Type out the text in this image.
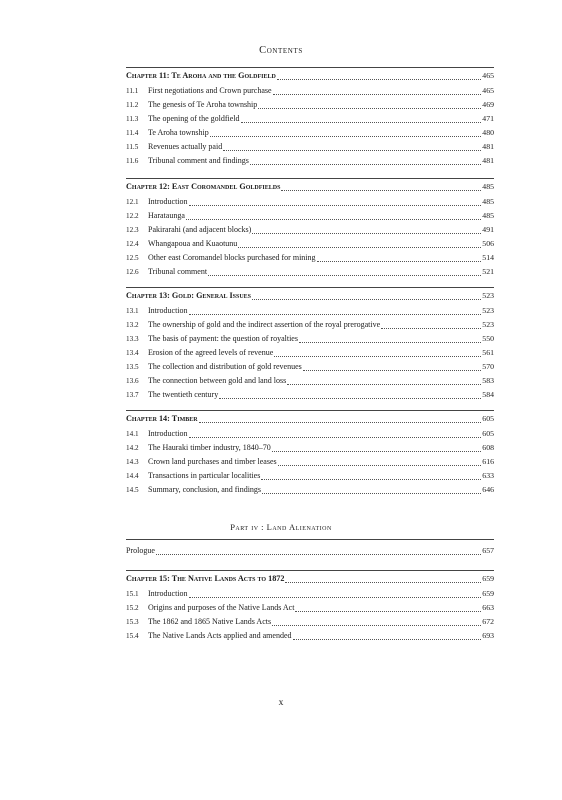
Contents
Chapter 11: Te Aroha and the Goldfield	465
11.1	First negotiations and Crown purchase	465
11.2	The genesis of Te Aroha township	469
11.3	The opening of the goldfield	471
11.4	Te Aroha township	480
11.5	Revenues actually paid	481
11.6	Tribunal comment and findings	481
Chapter 12: East Coromandel Goldfields	485
12.1	Introduction	485
12.2	Harataunga	485
12.3	Pakirarahi (and adjacent blocks)	491
12.4	Whangapoua and Kuaotunu	506
12.5	Other east Coromandel blocks purchased for mining	514
12.6	Tribunal comment	521
Chapter 13: Gold: General Issues	523
13.1	Introduction	523
13.2	The ownership of gold and the indirect assertion of the royal prerogative	523
13.3	The basis of payment: the question of royalties	550
13.4	Erosion of the agreed levels of revenue	561
13.5	The collection and distribution of gold revenues	570
13.6	The connection between gold and land loss	583
13.7	The twentieth century	584
Chapter 14: Timber	605
14.1	Introduction	605
14.2	The Hauraki timber industry, 1840–70	608
14.3	Crown land purchases and timber leases	616
14.4	Transactions in particular localities	633
14.5	Summary, conclusion, and findings	646
Part iv : Land Alienation
Prologue	657
Chapter 15: The Native Lands Acts to 1872	659
15.1	Introduction	659
15.2	Origins and purposes of the Native Lands Act	663
15.3	The 1862 and 1865 Native Lands Acts	672
15.4	The Native Lands Acts applied and amended	693
x
